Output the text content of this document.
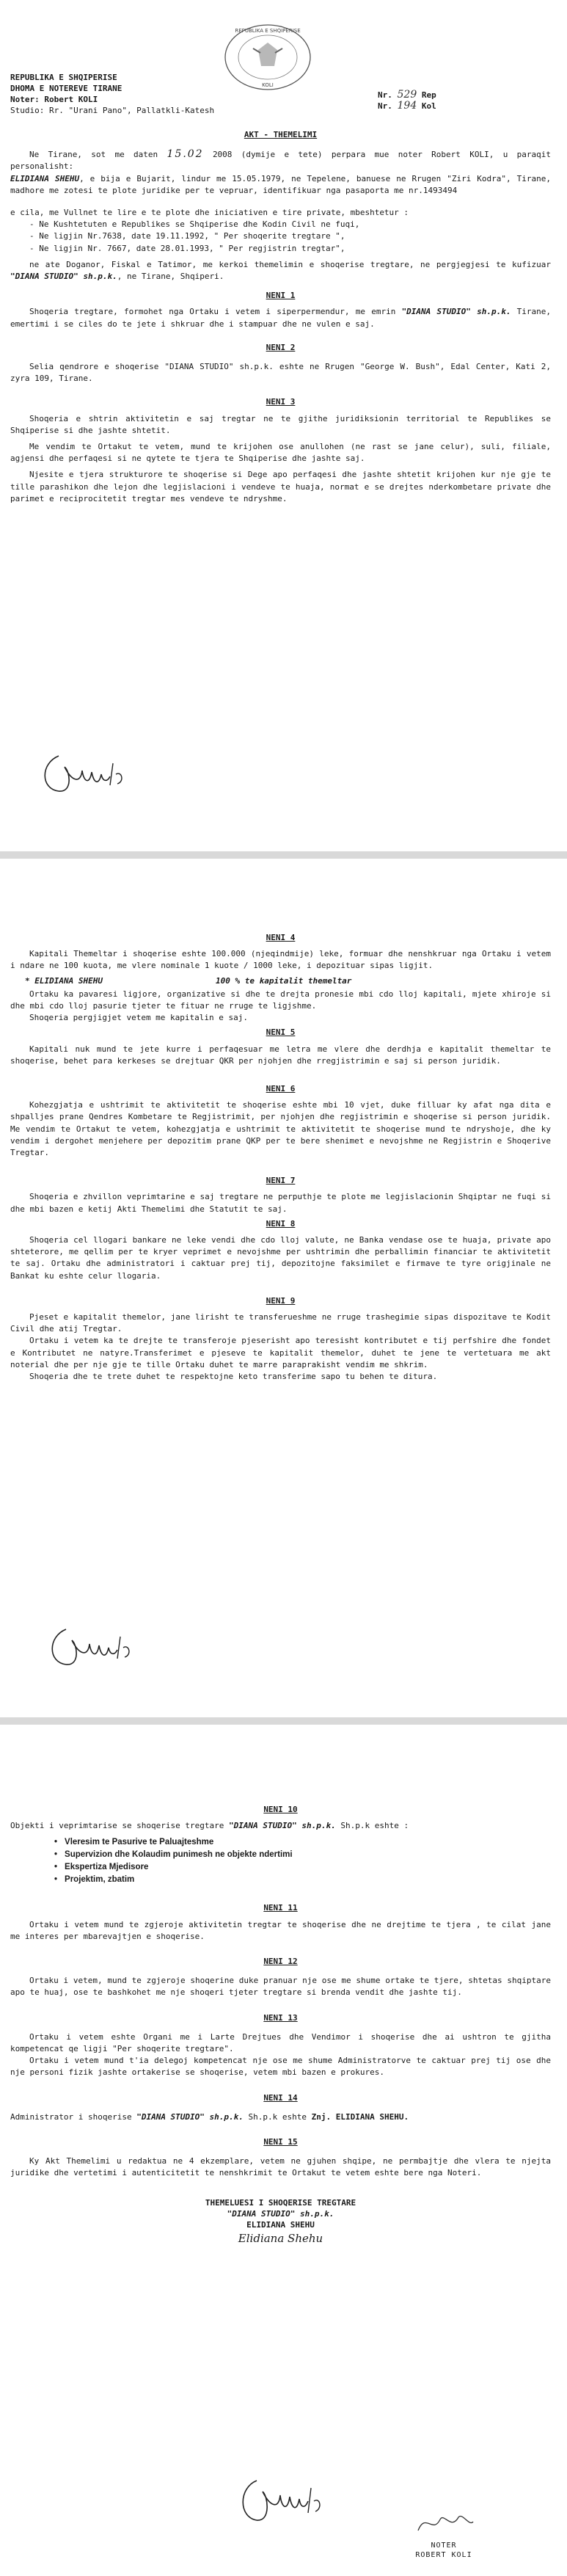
REPUBLIKA E SHQIPERISE
KOLI
REPUBLIKA E SHQIPERISE
DHOMA E NOTEREVE TIRANE
Noter: Robert KOLI
Studio: Rr. "Urani Pano", Pallatkli-Katesh
Nr. 529 Rep
Nr. 194 Kol
AKT - THEMELIMI

Ne Tirane, sot me daten 15.02 2008 (dymije e tete) perpara mue noter Robert KOLI, u paraqit personalisht:
ELIDIANA SHEHU, e bija e Bujarit, lindur me 15.05.1979, ne Tepelene, banuese ne Rrugen "Ziri Kodra", Tirane, madhore me zotesi te plote juridike per te vepruar, identifikuar nga pasaporta me nr.1493494

e cila, me Vullnet te lire e te plote dhe iniciativen e tire private, mbeshtetur :

- Ne Kushtetuten e Republikes se Shqiperise dhe Kodin Civil ne fuqi,

- Ne ligjin Nr.7638, date 19.11.1992, " Per shoqerite tregtare ",

- Ne ligjin Nr. 7667, date 28.01.1993, " Per regjistrin tregtar",

ne ate Doganor, Fiskal e Tatimor, me kerkoi themelimin e shoqerise tregtare, ne pergjegjesi te kufizuar "DIANA STUDIO" sh.p.k., ne Tirane, Shqiperi.

NENI 1

Shoqeria tregtare, formohet nga Ortaku i vetem i siperpermendur, me emrin "DIANA STUDIO" sh.p.k. Tirane, emertimi i se ciles do te jete i shkruar dhe i stampuar dhe ne vulen e saj.

NENI 2

Selia qendrore e shoqerise "DIANA STUDIO" sh.p.k. eshte ne Rrugen "George W. Bush", Edal Center, Kati 2, zyra 109, Tirane.

NENI 3

Shoqeria e shtrin aktivitetin e saj tregtar ne te gjithe juridiksionin territorial te Republikes se Shqiperise si dhe jashte shtetit.

Me vendim te Ortakut te vetem, mund te krijohen ose anullohen (ne rast se jane celur), suli, filiale, agjensi dhe perfaqesi si ne qytete te tjera te Shqiperise dhe jashte saj.

Njesite e tjera strukturore te shoqerise si Dege apo perfaqesi dhe jashte shtetit krijohen kur nje gje te tille parashikon dhe lejon dhe legjislacioni i vendeve te huaja, normat e se drejtes nderkombetare private dhe parimet e reciprocitetit tregtar mes vendeve te ndryshme.

NENI 4

Kapitali Themeltar i shoqerise eshte 100.000 (njeqindmije) leke, formuar dhe nenshkruar nga Ortaku i vetem i ndare ne 100 kuota, me vlere nominale 1 kuote / 1000 leke, i depozituar sipas ligjit.

* ELIDIANA SHEHU	100 % te kapitalit themeltar

Ortaku ka pavaresi ligjore, organizative si dhe te drejta pronesie mbi cdo lloj kapitali, mjete xhiroje si dhe mbi cdo lloj pasurie tjeter te fituar ne rruge te ligjshme.

Shoqeria pergjigjet vetem me kapitalin e saj.

NENI 5

Kapitali nuk mund te jete kurre i perfaqesuar me letra me vlere dhe derdhja e kapitalit themeltar te shoqerise, behet para kerkeses se drejtuar QKR per njohjen dhe rregjistrimin e saj si person juridik.

NENI 6

Kohezgjatja e ushtrimit te aktivitetit te shoqerise eshte mbi 10 vjet, duke filluar ky afat nga dita e shpalljes prane Qendres Kombetare te Regjistrimit, per njohjen dhe regjistrimin e shoqerise si person juridik. Me vendim te Ortakut te vetem, kohezgjatja e ushtrimit te aktivitetit te shoqerise mund te ndryshoje, dhe ky vendim i dergohet menjehere per depozitim prane QKP per te bere shenimet e nevojshme ne Regjistrin e Shoqerive Tregtar.

NENI 7

Shoqeria e zhvillon veprimtarine e saj tregtare ne perputhje te plote me legjislacionin Shqiptar ne fuqi si dhe mbi bazen e ketij Akti Themelimi dhe Statutit te saj.

NENI 8

Shoqeria cel llogari bankare ne leke vendi dhe cdo lloj valute, ne Banka vendase ose te huaja, private apo shteterore, me qellim per te kryer veprimet e nevojshme per ushtrimin dhe perballimin financiar te aktivitetit te saj. Ortaku dhe administratori i caktuar prej tij, depozitojne faksimilet e firmave te tyre origjinale ne Bankat ku eshte celur llogaria.

NENI 9

Pjeset e kapitalit themelor, jane lirisht te transferueshme ne rruge trashegimie sipas dispozitave te Kodit Civil dhe atij Tregtar.

Ortaku i vetem ka te drejte te transferoje pjeserisht apo teresisht kontributet e tij perfshire dhe fondet e Kontributet ne natyre.Transferimet e pjeseve te kapitalit themelor, duhet te jene te vertetuara me akt noterial dhe per nje gje te tille Ortaku duhet te marre paraprakisht vendim me shkrim.

Shoqeria dhe te trete duhet te respektojne keto transferime sapo tu behen te ditura.

NENI 10

Objekti i veprimtarise se shoqerise tregtare "DIANA STUDIO" sh.p.k. Sh.p.k eshte :

• Vleresim te Pasurive te Paluajteshme
• Supervizion dhe Kolaudim punimesh ne objekte ndertimi
• Ekspertiza Mjedisore
• Projektim, zbatim
NENI 11

Ortaku i vetem mund te zgjeroje aktivitetin tregtar te shoqerise dhe ne drejtime te tjera , te cilat jane me interes per mbarevajtjen e shoqerise.

NENI 12

Ortaku i vetem, mund te zgjeroje shoqerine duke pranuar nje ose me shume ortake te tjere, shtetas shqiptare apo te huaj, ose te bashkohet me nje shoqeri tjeter tregtare si brenda vendit dhe jashte tij.

NENI 13

Ortaku i vetem eshte Organi me i Larte Drejtues dhe Vendimor i shoqerise dhe ai ushtron te gjitha kompetencat qe ligji "Per shoqerite tregtare".

Ortaku i vetem mund t'ia delegoj kompetencat nje ose me shume Administratorve te caktuar prej tij ose dhe nje personi fizik jashte ortakerise se shoqerise, vetem mbi bazen e prokures.

NENI 14

Administrator i shoqerise "DIANA STUDIO" sh.p.k. Sh.p.k eshte Znj. ELIDIANA SHEHU.

NENI 15

Ky Akt Themelimi u redaktua ne 4 ekzemplare, vetem ne gjuhen shqipe, ne permbajtje dhe vlera te njejta juridike dhe vertetimi i autenticitetit te nenshkrimit te Ortakut te vetem eshte bere nga Noteri.

THEMELUESI I SHOQERISE TREGTARE
"DIANA STUDIO" sh.p.k.
ELIDIANA SHEHU
Elidiana Shehu
NOTER
ROBERT KOLI
